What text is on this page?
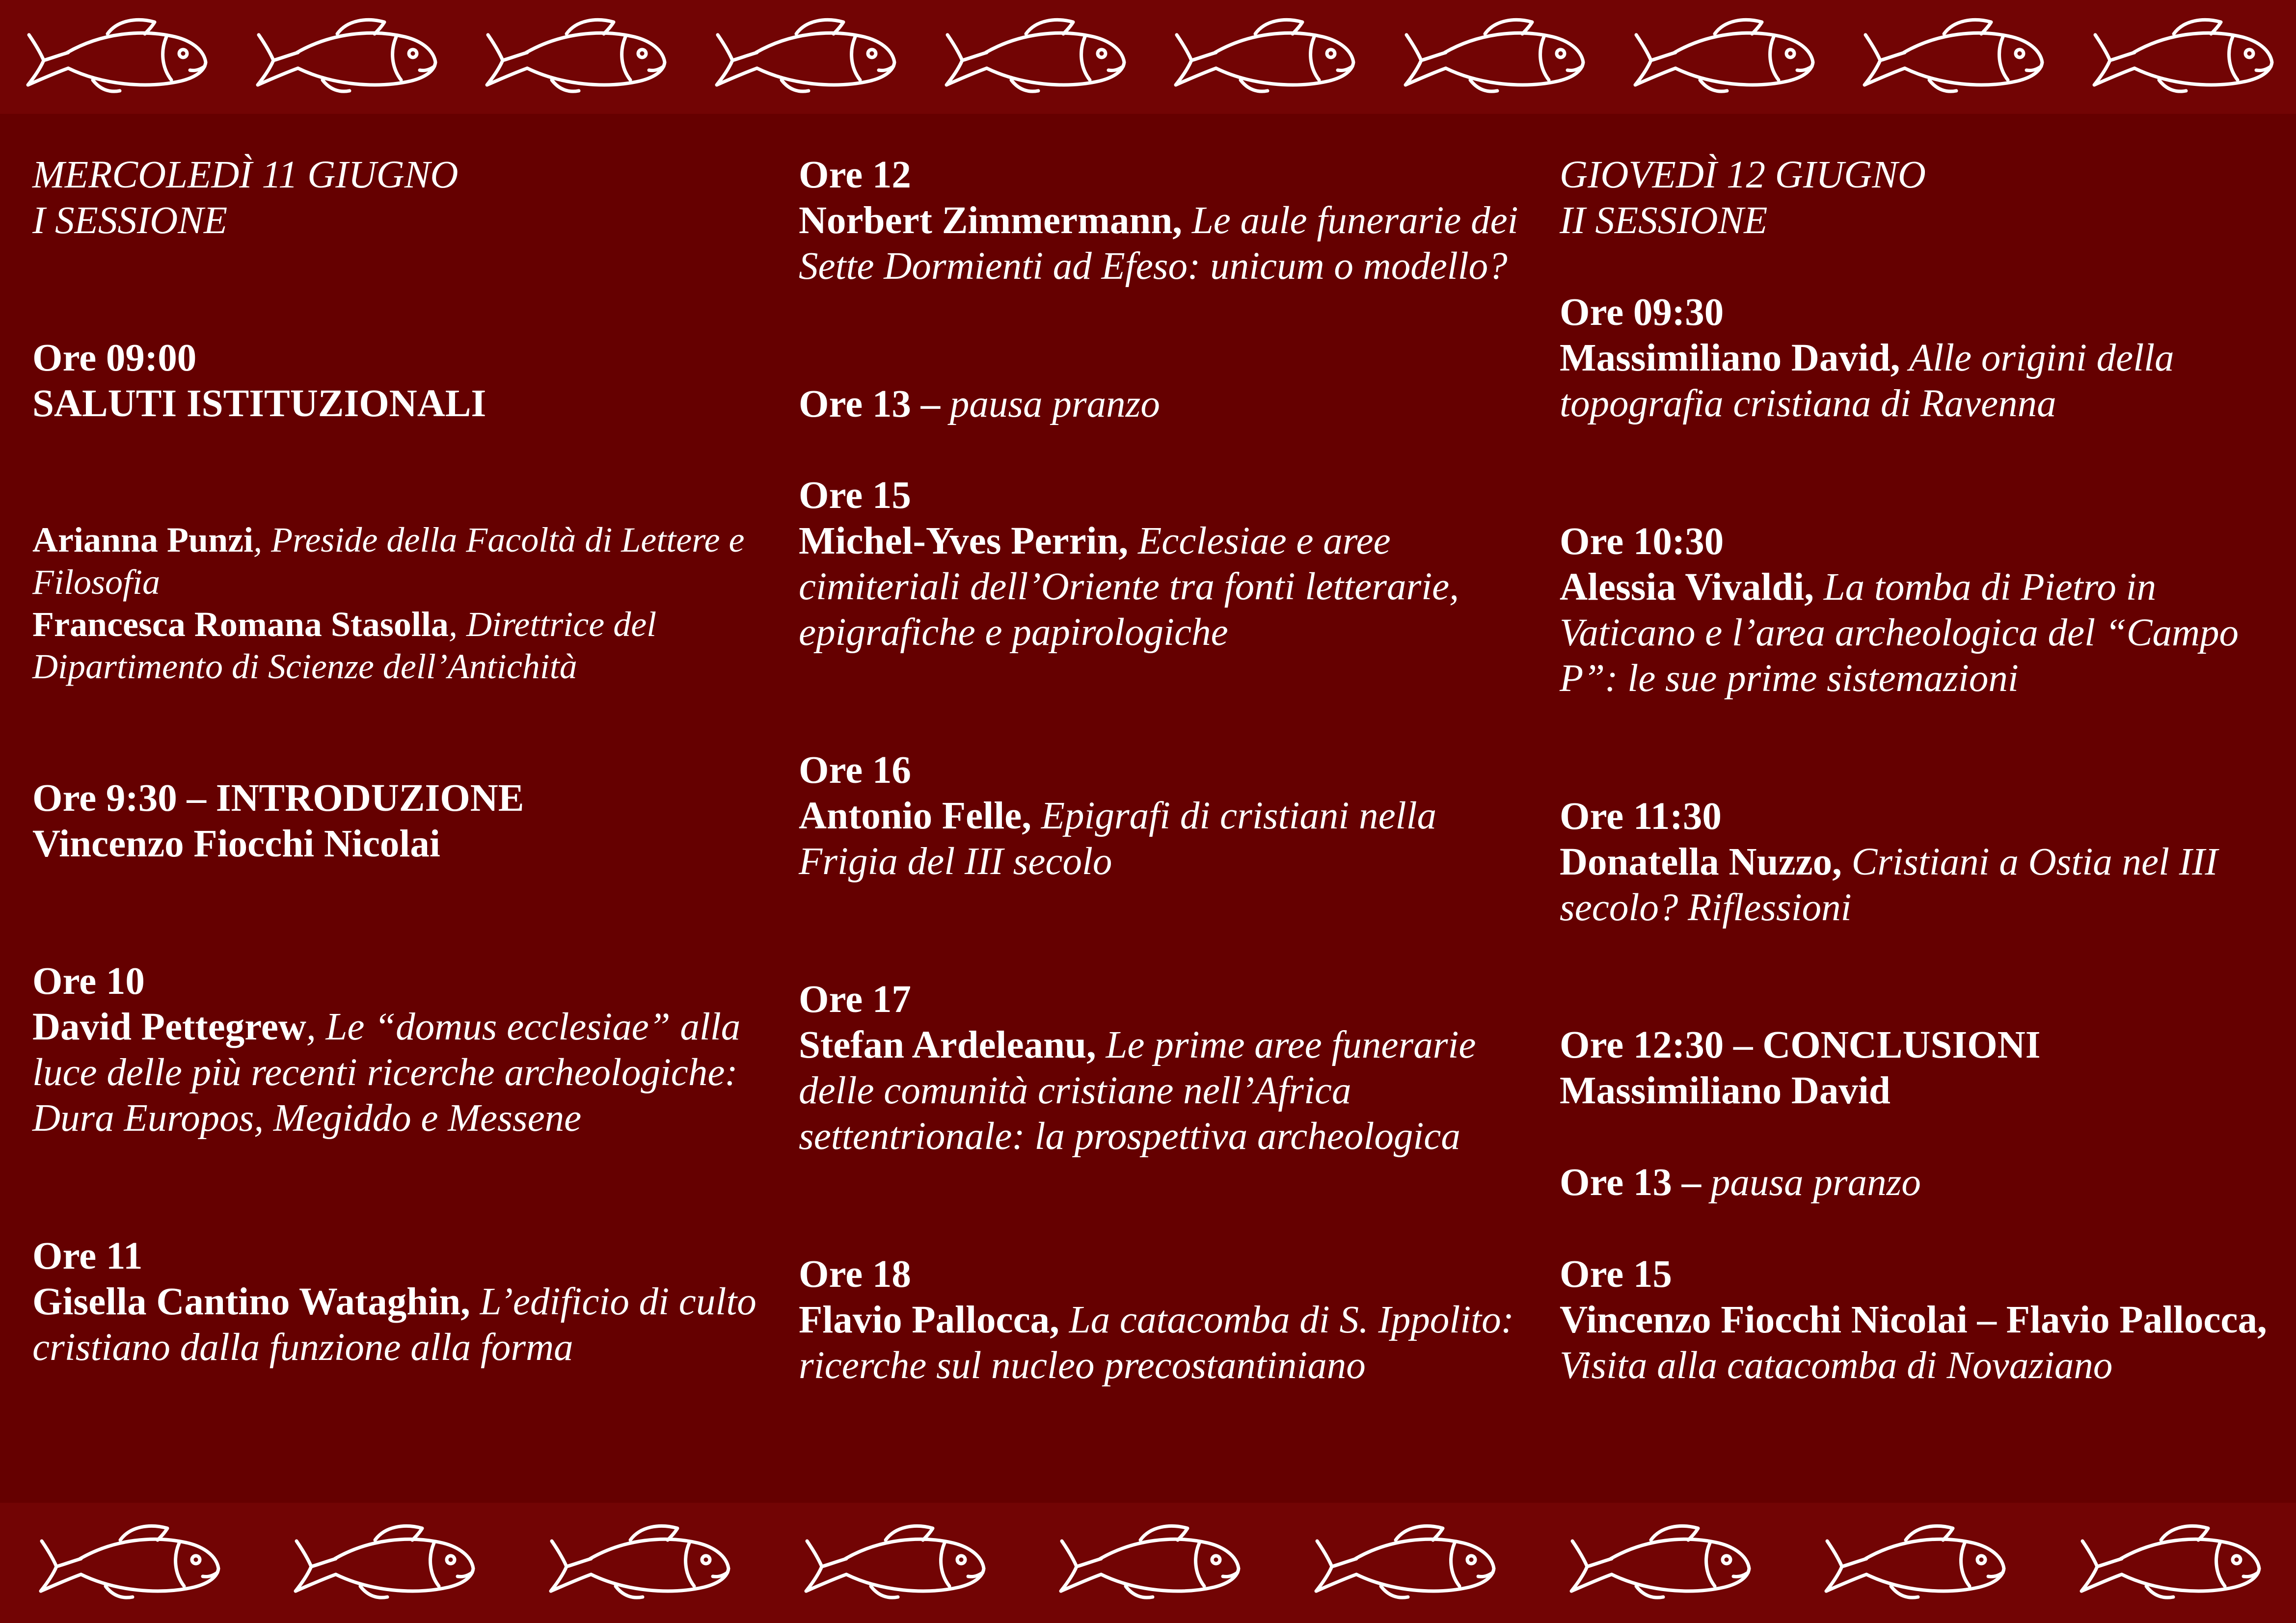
MERCOLEDÌ 11 GIUGNO

I SESSIONE

Ore 09:00

SALUTI ISTITUZIONALI

Arianna Punzi, Preside della Facoltà di Lettere e Filosofia

Francesca Romana Stasolla, Direttrice del Dipartimento di Scienze dell’Antichità

Ore 9:30 – INTRODUZIONE

Vincenzo Fiocchi Nicolai

Ore 10

David Pettegrew, Le “domus ecclesiae” alla luce delle più recenti ricerche archeologiche: Dura Europos, Megiddo e Messene

Ore 11

Gisella Cantino Wataghin, L’edificio di culto cristiano dalla funzione alla forma

Ore 12

Norbert Zimmermann, Le aule funerarie dei Sette Dormienti ad Efeso: unicum o modello?

Ore 13 – pausa pranzo

Ore 15

Michel-Yves Perrin, Ecclesiae e aree cimiteriali dell’Oriente tra fonti letterarie, epigrafiche e papirologiche

Ore 16

Antonio Felle, Epigrafi di cristiani nella Frigia del III secolo

Ore 17

Stefan Ardeleanu, Le prime aree funerarie delle comunità cristiane nell’Africa settentrionale: la prospettiva archeologica

Ore 18

Flavio Pallocca, La catacomba di S. Ippolito: ricerche sul nucleo precostantiniano

GIOVEDÌ 12 GIUGNO

II SESSIONE

Ore 09:30

Massimiliano David, Alle origini della topografia cristiana di Ravenna

Ore 10:30

Alessia Vivaldi, La tomba di Pietro in Vaticano e l’area archeologica del “Campo P”: le sue prime sistemazioni

Ore 11:30

Donatella Nuzzo, Cristiani a Ostia nel III secolo? Riflessioni

Ore 12:30 – CONCLUSIONI

Massimiliano David

Ore 13 – pausa pranzo

Ore 15

Vincenzo Fiocchi Nicolai – Flavio Pallocca, Visita alla catacomba di Novaziano
